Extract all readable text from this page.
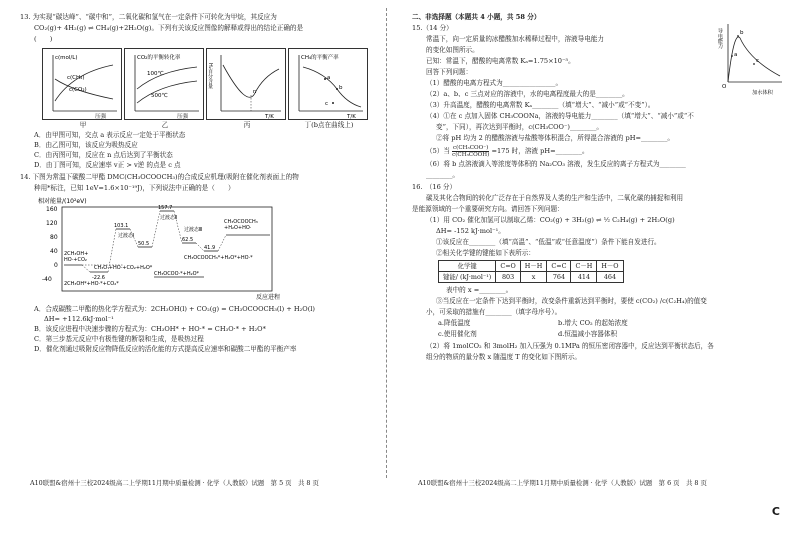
13. 为实现“碳达峰”、“碳中和”，二氧化碳和氢气在一定条件下可转化为甲烷，其反应为
CO₂(g)+ 4H₂(g) ⇌ CH₄(g)+2H₂O(g)。下列有关该反应图像的解释或得出的结论正确的是
(　　)
c(mol/L)
c(CH₄)
c(CO₂)
压强
CO₂的平衡转化率
100℃
500℃
压强
H₂百分含量
n
T/K
CH₄的平衡产率
a
b
c
T/K
甲	乙	丙	丁(b点在曲线上)
A．由甲图可知，交点 a 表示反应一定处于平衡状态
B．由乙图可知，该反应为吸热反应
C．由丙图可知，反应在 n 点后达到了平衡状态
D．由丁图可知，反应速率 v正 > v逆 的点是 c 点
14. 下图为常温下碳酸二甲酯 DMC(CH₃OCOOCH₃)的合成反应机理(吸附在催化剂表面上的物
种用*标注，已知 1eV=1.6×10⁻¹⁹J)，下列说法中正确的是（　　）
相对能量/(10²eV)
160
120
80
40
0
-40
157.7
103.1
50.5
62.5
41.9
-22.6
过渡态Ⅰ
过渡态Ⅱ
过渡态Ⅲ
2CH₃OH+
HO·+CO₂
CH₃O·+HO·+CO₂+H₂O*
CH₃OCOO·*+H₂O*
CH₃OCOOCH₃*+H₂O*+HO·*
CH₃OCOOCH₃
+H₂O+HO·
2CH₃OH*+HO·*+CO₂*
反应进程
A．合成碳酸二甲酯的热化学方程式为：2CH₃OH(l) + CO₂(g) = CH₃OCOOCH₃(l) + H₂O(l)
ΔH= +112.6kJ·mol⁻¹
B．该反应进程中决速步骤的方程式为：CH₃OH* + HO·* = CH₃O·* + H₂O*
C．第三步基元反应中有极性键的断裂和生成，是吸热过程
D．催化剂通过吸附反应物降低反应的活化能的方式提高反应速率和碳酸二甲酯的平衡产率
A10联盟&宿州十三校2024级高二上学期11月期中质量检测 · 化学（人教版）试题　第 5 页　共 8 页
二、非选择题（本题共 4 小题，共 58 分）
15.（14 分）
常温下，向一定质量的冰醋酸加水稀释过程中，溶液导电能力
的变化如图所示。
已知：常温下，醋酸的电离常数 Kₐ=1.75×10⁻⁵。
回答下列问题：
（1）醋酸的电离方程式为________________。
（2）a、b、c 三点对应的溶液中，水的电离程度最大的是________。
（3）升高温度，醋酸的电离常数 Kₐ________（填“增大”、“减小”或“不变”）。
导电能力
a
b
c
O
加水体积
（4）①在 c 点加入固体 CH₃COONa，溶液的导电能力________（填“增大”、“减小”或“不
变”，下同），再次达到平衡时，c(CH₃COO⁻)________。
②将 pH 均为 2 的醋酸溶液与盐酸等体积混合，所得混合溶液的 pH=________。
（5）当 $\frac{\text{c(CH₃COO⁻)}}{\text{c(CH₃COOH)}} =175$ 时，溶液 pH=________。
（6）将 b 点溶液滴入等浓度等体积的 Na₂CO₃ 溶液，发生反应的离子方程式为________
________。
16.　（16 分）
碳及其化合物间的转化广泛存在于自然界及人类的生产和生活中，二氧化碳的捕捉和利用
是能源领域的一个重要研究方向。请回答下列问题：
（1）用 CO₂ 催化加氢可以制取乙烯：CO₂(g) + 3H₂(g) ⇌ ½ C₂H₄(g) + 2H₂O(g)
ΔH= -152 kJ·mol⁻¹。
①该反应在________（填“高温”、“低温”或“任意温度”）条件下能自发进行。
②相关化学键的键能如下表所示：
化学键	C=O	H－H	C=C	C－H	H－O
键能/ (kJ·mol⁻¹)	803	x	764	414	464
表中的 x =________。
③当反应在一定条件下达到平衡时，改变条件重新达到平衡时，要使 c(CO₂) /c(C₂H₄)的值变
小，可采取的措施有________（填字母序号）。
a.降低温度	b.增大 CO₂ 的起始浓度
c.使用催化剂	d.恒温减小容器体积
（2）将 1molCO₂ 和 3molH₂ 加入压强为 0.1MPa 的恒压密闭容器中，反应达到平衡状态后，各
组分的物质的量分数 x 随温度 T 的变化如下图所示。
A10联盟&宿州十三校2024级高二上学期11月期中质量检测 · 化学（人教版）试题　第 6 页　共 8 页
C
